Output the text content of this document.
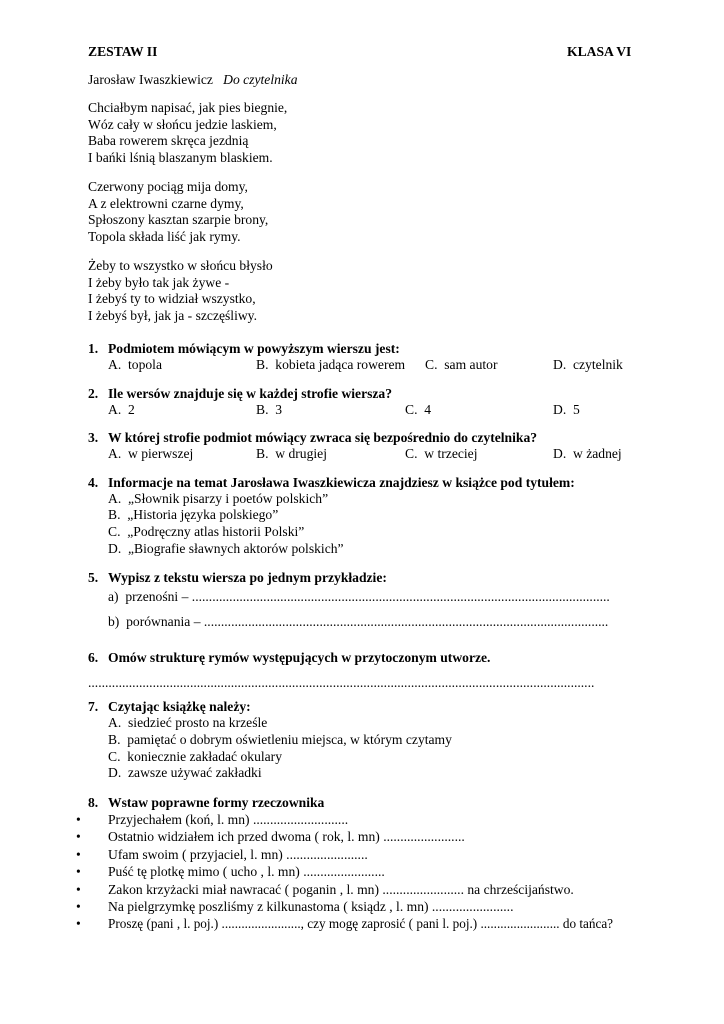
ZESTAW II	KLASA VI
Jarosław Iwaszkiewicz Do czytelnika
Chciałbym napisać, jak pies biegnie,
Wóz cały w słońcu jedzie laskiem,
Baba rowerem skręca jezdnią
I bańki lśnią blaszanym blaskiem.
Czerwony pociąg mija domy,
A z elektrowni czarne dymy,
Spłoszony kasztan szarpie brony,
Topola składa liść jak rymy.
Żeby to wszystko w słońcu błysło
I żeby było tak jak żywe -
I żebyś ty to widział wszystko,
I żebyś był, jak ja - szczęśliwy.
1. Podmiotem mówiącym w powyższym wierszu jest:
A. topola	B. kobieta jadąca rowerem C. sam autor	D. czytelnik
2. Ile wersów znajduje się w każdej strofie wiersza?
A. 2	B. 3	C. 4	D. 5
3. W której strofie podmiot mówiący zwraca się bezpośrednio do czytelnika?
A. w pierwszej	B. w drugiej	C. w trzeciej	D. w żadnej
4. Informacje na temat Jarosława Iwaszkiewicza znajdziesz w książce pod tytułem:
A. „Słownik pisarzy i poetów polskich”
B. „Historia języka polskiego”
C. „Podręczny atlas historii Polski”
D. „Biografie sławnych aktorów polskich”
5. Wypisz z tekstu wiersza po jednym przykładzie:
a) przenośni – ...........................................................................................................................
b) porównania – .......................................................................................................................
6. Omów strukturę rymów występujących w przytoczonym utworze.
.....................................................................................................................................................
7. Czytając książkę należy:
A. siedzieć prosto na krześle
B. pamiętać o dobrym oświetleniu miejsca, w którym czytamy
C. koniecznie zakładać okulary
D. zawsze używać zakładki
8. Wstaw poprawne formy rzeczownika
• Przyjechałem (koń, l. mn) ............................
• Ostatnio widziałem ich przed dwoma ( rok, l. mn) ........................
• Ufam swoim ( przyjaciel, l. mn) ........................
• Puść tę plotkę mimo ( ucho , l. mn) ........................
• Zakon krzyżacki miał nawracać ( poganin , l. mn) ........................ na chrześcijaństwo.
• Na pielgrzymkę poszliśmy z kilkunastoma ( ksiądz , l. mn) ........................
• Proszę (pani , l. poj.) ........................, czy mogę zaprosić ( pani l. poj.) ........................ do tańca?
